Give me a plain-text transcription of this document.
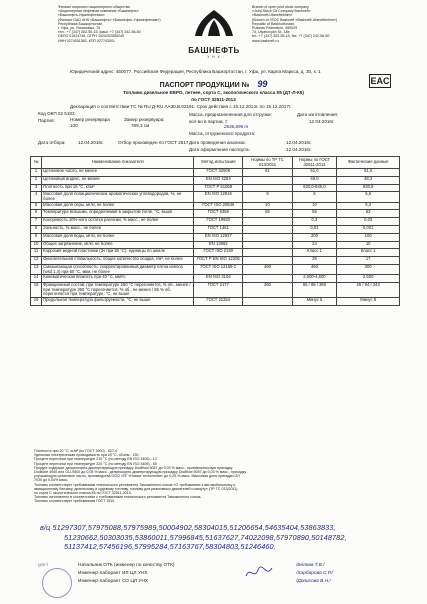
Филиал открытого акционерного общества
«Акционерная нефтяная компания «Башнефть»
«Башнефть-Уфанефтехим»
(Филиал ОАО АНК «Башнефть» «Башнефть-Уфанефтехим»)
Республика Башкортостан,
г. Уфа, ул. Ульяновых, 74
тел.: +7 (347) 262-55-15, факс: +7 (347) 242-56-50
ОКПО 01524746, ОГРН 1020202555240
ИНН 0274051582, КПП 027743001
БАШНЕФТЬ
У Н Х
Branch of open joint stock company
«Joint-Stock Oil Company Bashneft»
«Bashneft-Ufaneftekhim»
(Branch of JSOC Bashneft «Bashneft-Ufaneftekhim»)
Republic of Bashkortostan,
Russian Federation, 450029
74, Ulyanovykh St., Ufa
tel.: +7 (347) 262-55-15, fax: +7 (347) 242-56-50
www.bashneft.ru
Юридический адрес: 450077, Российская Федерация, Республика Башкортостан, г. Уфа, ул. Карла Маркса, д. 30, к. 1
EAC
ПАСПОРТ ПРОДУКЦИИ № 99
Топливо дизельное ЕВРО, летнее, сорта С, экологического класса К5 (ДТ-Л-К5)
по ГОСТ 32511-2013
Декларация о соответствии ТС № RU Д-RU.AA30.В.02191. Срок действия с 16.12.2014г. по 15.12.2017г.
Код ОКП 02 5183
Партия:	Номер резервуара
100
Замер резервуара:
789,3 см
Масса, предназначенная для отгрузки:
кол-во в партии, т:
2646,696 т
Масса, отгруженного продукта:
Дата изготовления:
12.04.2016г.
Дата отбора:	12.04.2016г.	Отбор произведен по ГОСТ 2517 Дата проведения анализа:	12.04.2016г.
Дата оформления паспорта:	12.04.2016г.
№	Наименование показателя	Метод испытания	Нормы по ТР ТС 013/2011	Нормы по ГОСТ 32511-2013	Фактические данные
1	Цетановое число, не менее	ГОСТ 32508	51	51,0	51,0
2	Цетановый индекс, не менее	EN ISO 4264		46,0	48,3
3	Плотность при 15 °С, кг/м³	ГОСТ Р 51069		820,0-845,0	830,8
4	Массовая доля полициклических ароматических углеводородов, %, не более	EN ISO 12916	8	8	5,6
5	Массовая доля серы, мг/кг, не более	ГОСТ ISO 20846	10	10	6,3
6	Температура вспышки, определяемая в закрытом тигле, °С, выше	ГОСТ 6356	55	55	63
7	Коксуемость 10%-ного остатка разгонки, % масс., не более	ГОСТ 19932		0,3	0,03
8	Зольность, % масс., не более	ГОСТ 1461		0,01	0,001
9	Массовая доля воды, мг/кг, не более	EN ISO 12937		200	100
10	Общее загрязнение, мг/кг, не более	EN 12662		24	10
11	Коррозия медной пластинки (3ч при 50 °С), единицы по шкале	ГОСТ ISO 2160		Класс 1	Класс 1
12	Окислительная стабильность: общее количество осадка, г/м³, не более	ГОСТ Р EN ISO 12205		25	17
13	Смазывающая способность: скорректированный диаметр пятна износа (wsd 1,4) при 60 °С, мкм, не более	ГОСТ ISO 12156-1	460	460	300
14	Кинематическая вязкость при 40 °С, мм²/с	EN ISO 3104		2,000-4,500	2,500
15	Фракционный состав: при температуре 250 °С перегоняется, % об., менее / при температуре 350 °С перегоняется, % об., не менее / 95 % об. перегоняется при температуре, °С, не выше	ГОСТ 2177	360	65 / 85 / 360	26 / 94 / 343
16	Предельная температура фильтруемости, °С, не выше	ГОСТ 22254		Минус 5	Минус 8
Плотность при 20 °С, кг/м³ (по ГОСТ 3900) - 827,4
Удельная электрическая проводимость при 20 °С, пСм/м - 150
Процент перегонки при температуре 210 °С (по методу EN ISO 3405) - 12
Процент перегонки при температуре 220 °С (по методу EN ISO 3405) - 55
Продукт содержит депрессорно-диспергирующую присадку Dodiflow 5057 до 0,03 % масс.; противоизносную присадку
Dodilube 4940 или OLI-9500 до 0,05 % масс., депрессорно-диспергирующую присадку Dodiflow 5057 до 0,03 % масс.; присадку
улучшающую цетановое число, производства ООО «ПГ «Новые технологии» до 0,25 % масс. Массовая доля присадки ОЛ
7030 до 0,04% масс.
Топливо соответствует требованиям технического регламента Таможенного союза «О требованиях к автомобильному и
авиационному бензину, дизельному и судовому топливу, топливу для реактивных двигателей и мазуту» (ТР ТС 013/2011)
по сорта С экологического класса К5 по ГОСТ 32511-2013.
Топливо изготовлено в соответствии с требованиями технического регламента Таможенного союза.
Топливо соответствует требованиям ГОСТ 1510.
в/ц 51297307,57975088,57975989,50004902,58304015,51206654,54635404,53863833,
51230662,50303035,53860011,57996845,51637627,74022098,57970890,50148782,
51137412,57456196,57995284,57163767,58304803,51246460.
ОТК-1	Начальник ОТК (инженер по качеству ОТК)
Инженер-лаборант ИЛ ЦЛ УНХ
Инженер-лаборант СО ЦЛ УНХ
/Белова Т.В./
/Харбарова С.Р./
/Донисова В.Н./
